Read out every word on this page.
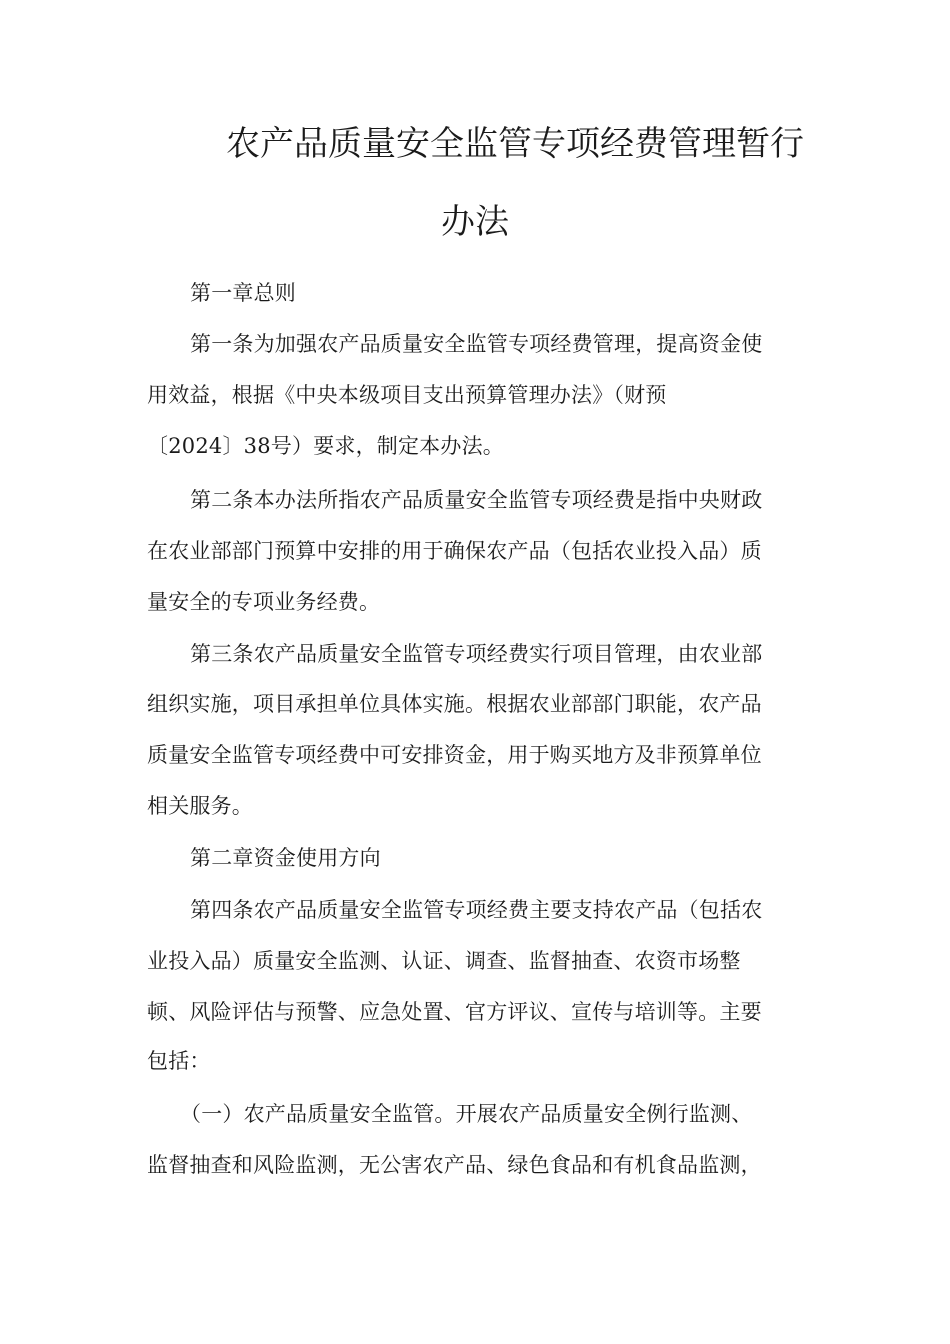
农产品质量安全监管专项经费管理暂行
办法
第一章总则
第一条为加强农产品质量安全监管专项经费管理，提高资金使
用效益，根据《中央本级项目支出预算管理办法》（财预
〔2024〕38号）要求，制定本办法。
第二条本办法所指农产品质量安全监管专项经费是指中央财政
在农业部部门预算中安排的用于确保农产品（包括农业投入品）质
量安全的专项业务经费。
第三条农产品质量安全监管专项经费实行项目管理，由农业部
组织实施，项目承担单位具体实施。根据农业部部门职能，农产品
质量安全监管专项经费中可安排资金，用于购买地方及非预算单位
相关服务。
第二章资金使用方向
第四条农产品质量安全监管专项经费主要支持农产品（包括农
业投入品）质量安全监测、认证、调查、监督抽查、农资市场整
顿、风险评估与预警、应急处置、官方评议、宣传与培训等。主要
包括：
（一）农产品质量安全监管。开展农产品质量安全例行监测、
监督抽查和风险监测，无公害农产品、绿色食品和有机食品监测，
